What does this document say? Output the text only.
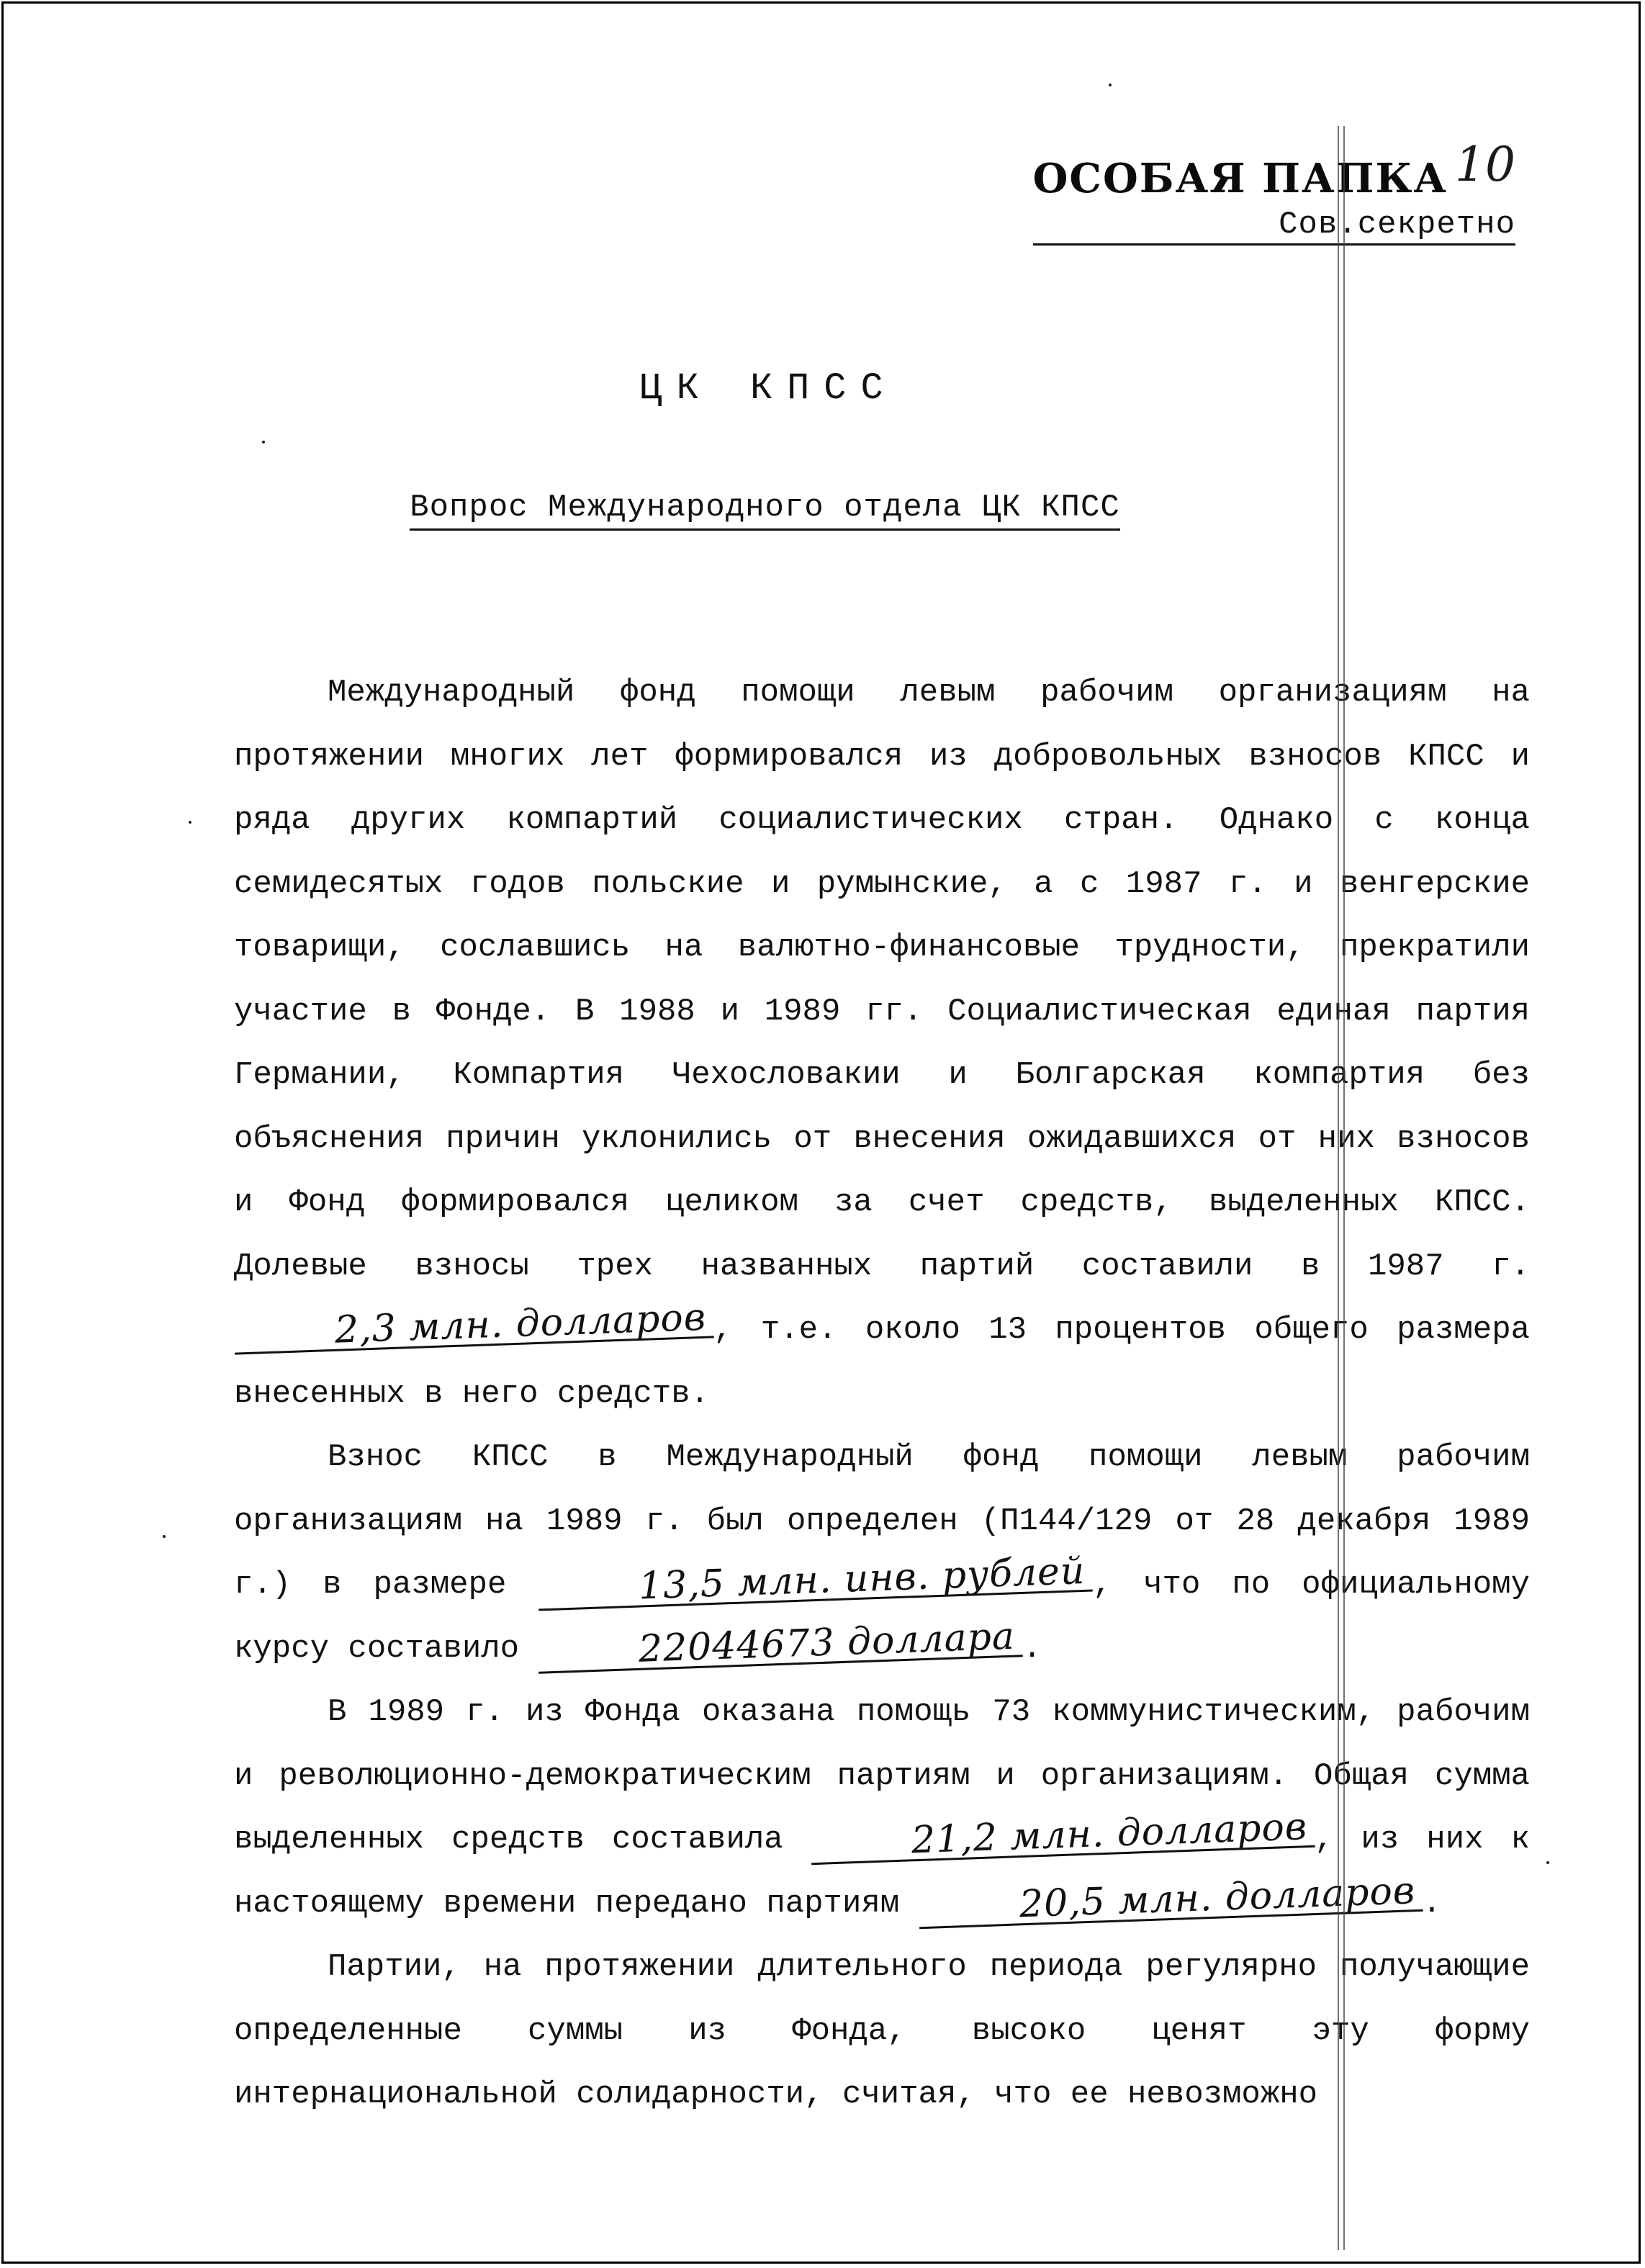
ОСОБАЯ ПАПКА 10
Сов.секретно
ЦК КПСС
Вопрос Международного отдела ЦК КПСС

Международный фонд помощи левым рабочим организациям на протяжении многих лет формировался из добровольных взносов КПСС и ряда других компартий социалистических стран. Однако с конца семидесятых годов польские и румынские, а с 1987 г. и венгерские товарищи, сославшись на валютно-финансовые трудности, прекратили участие в Фонде. В 1988 и 1989 гг. Социалистическая единая партия Германии, Компартия Чехословакии и Болгарская компартия без объяснения причин уклонились от внесения ожидавшихся от них взносов и Фонд формировался целиком за счет средств, выделенных КПСС. Долевые взносы трех названных партий составили в 1987 г. 2,3 млн. долларов , т.е. около 13 процентов общего размера внесенных в него средств.

Взнос КПСС в Международный фонд помощи левым рабочим организациям на 1989 г. был определен (П144/129 от 28 декабря 1989 г.) в размере	13,5 млн. инв. рублей , что по официальному курсу составило	22044673 доллара .

В 1989 г. из Фонда оказана помощь 73 коммунистическим, рабочим и революционно-демократическим партиям и организациям. Общая сумма выделенных средств составила	21,2 млн. долларов , из них к настоящему времени передано партиям	20,5 млн. долларов .

Партии, на протяжении длительного периода регулярно получающие определенные суммы из Фонда, высоко ценят эту форму интернациональной солидарности, считая, что ее невозможно
